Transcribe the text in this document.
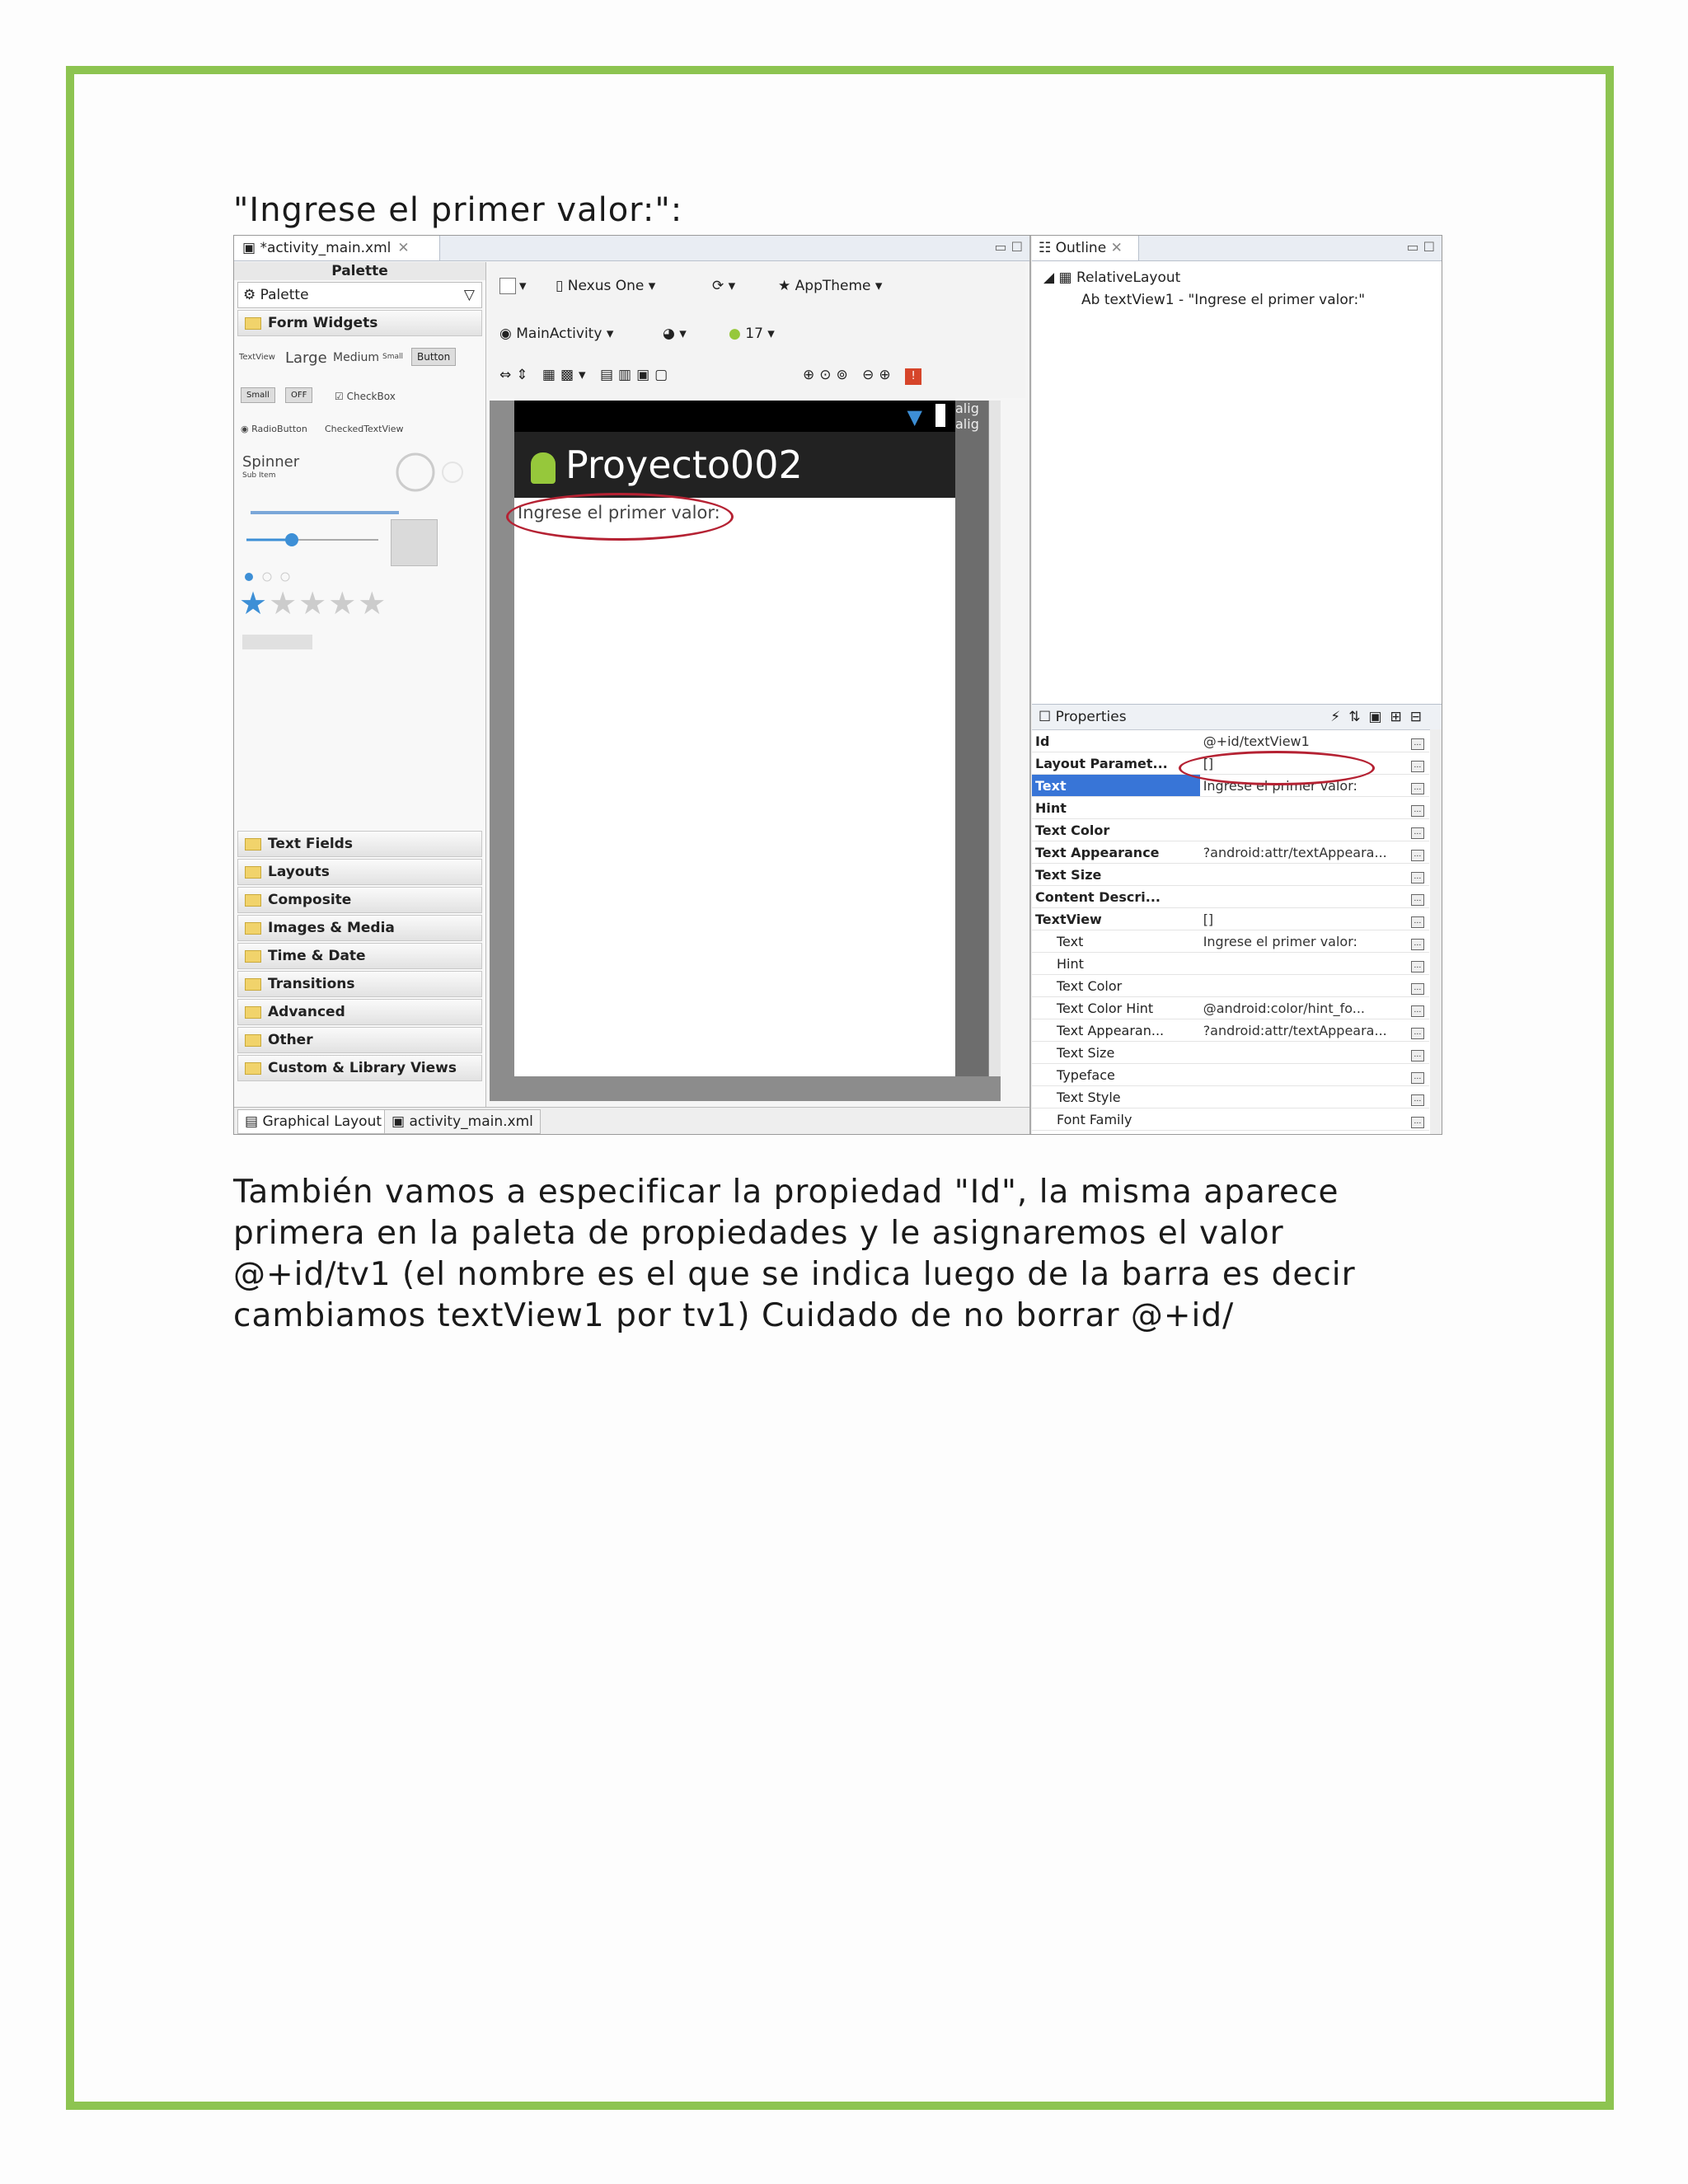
"Ingrese el primer valor:":
▣ *activity_main.xml ✕	▭ ☐
Palette
⚙ Palette	▽
Form Widgets
TextView Large Medium Small	Button
Small	OFF	☑ CheckBox
◉ RadioButton CheckedTextView
Spinner
Sub Item
★★★★★
Text Fields
Layouts
Composite
Images & Media
Time & Date
Transitions
Advanced
Other
Custom & Library Views
▾ ▯ Nexus One ▾	⟳ ▾	★ AppTheme ▾
◉ MainActivity ▾	◕ ▾	● 17 ▾
⇔⇕ ▦▩▾ ▤▥▣▢	⊕⊙⊚ ⊖⊕ !
▼
Proyecto002
Ingrese el primer valor:
alig
alig
▤ Graphical Layout ▣ activity_main.xml
☷ Outline ✕	▭ ☐
◢ ▦ RelativeLayout
Ab textView1 - "Ingrese el primer valor:"
☐ Properties	⚡⇅▣⊞⊟
Id	@+id/textView1	…
Layout Paramet...	[]	…
Text	Ingrese el primer valor:	…
Hint		…
Text Color		…
Text Appearance	?android:attr/textAppeara...	…
Text Size		…
Content Descri...		…
TextView	[]	…
Text	Ingrese el primer valor:	…
Hint		…
Text Color		…
Text Color Hint	@android:color/hint_fo...	…
Text Appearan...	?android:attr/textAppeara...	…
Text Size		…
Typeface		…
Text Style		…
Font Family		…
También vamos a especificar la propiedad "Id", la misma aparece primera en la paleta de propiedades y le asignaremos el valor @+id/tv1 (el nombre es el que se indica luego de la barra es decir cambiamos textView1 por tv1) Cuidado de no borrar @+id/
